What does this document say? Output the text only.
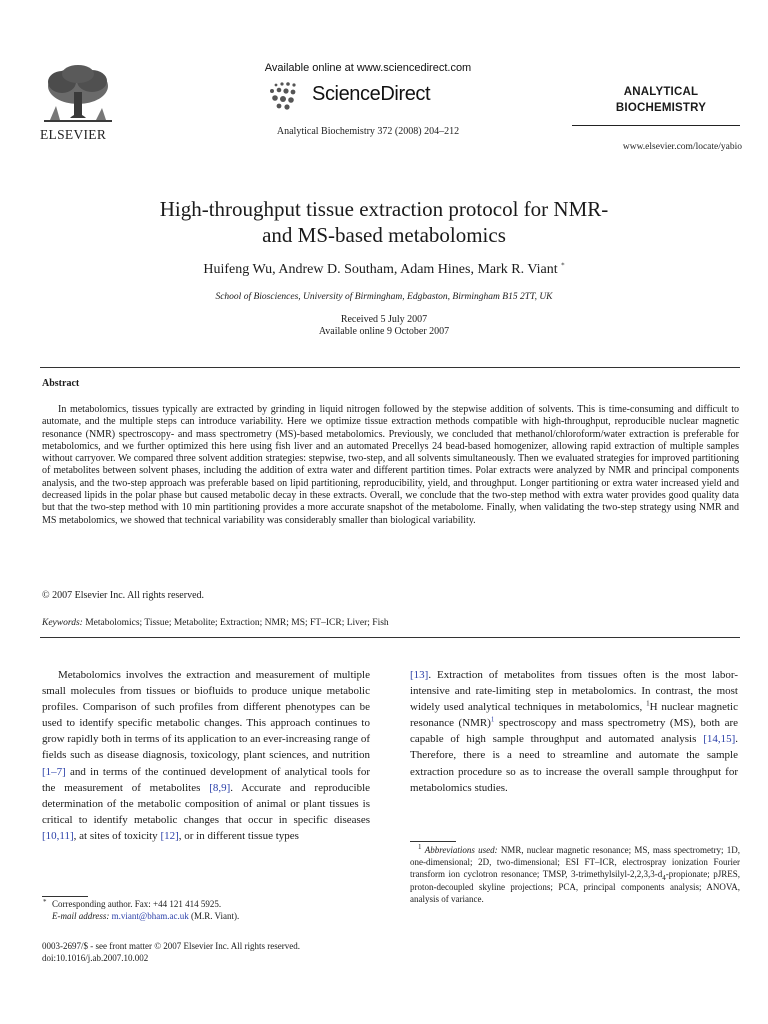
ELSEVIER
Available online at www.sciencedirect.com
ScienceDirect
Analytical Biochemistry 372 (2008) 204–212
ANALYTICAL
BIOCHEMISTRY
www.elsevier.com/locate/yabio
High-throughput tissue extraction protocol for NMR-
and MS-based metabolomics
Huifeng Wu, Andrew D. Southam, Adam Hines, Mark R. Viant *
School of Biosciences, University of Birmingham, Edgbaston, Birmingham B15 2TT, UK
Received 5 July 2007
Available online 9 October 2007
Abstract

In metabolomics, tissues typically are extracted by grinding in liquid nitrogen followed by the stepwise addition of solvents. This is time-consuming and difficult to automate, and the multiple steps can introduce variability. Here we optimize tissue extraction methods compatible with high-throughput, reproducible nuclear magnetic resonance (NMR) spectroscopy- and mass spectrometry (MS)-based metabolomics. Previously, we concluded that methanol/chloroform/water extraction is preferable for metabolomics, and we further optimized this here using fish liver and an automated Precellys 24 bead-based homogenizer, allowing rapid extraction of multiple samples without carryover. We compared three solvent addition strategies: stepwise, two-step, and all solvents simultaneously. Then we evaluated strategies for improved partitioning of metabolites between solvent phases, including the addition of extra water and different partition times. Polar extracts were analyzed by NMR and principal components analysis, and the two-step approach was preferable based on lipid partitioning, reproducibility, yield, and throughput. Longer partitioning or extra water increased yield and decreased lipids in the polar phase but caused metabolic decay in these extracts. Overall, we conclude that the two-step method with extra water provides good quality data but that the two-step method with 10 min partitioning provides a more accurate snapshot of the metabolome. Finally, when validating the two-step strategy using NMR and MS metabolomics, we showed that technical variability was considerably smaller than biological variability.

© 2007 Elsevier Inc. All rights reserved.
Keywords: Metabolomics; Tissue; Metabolite; Extraction; NMR; MS; FT–ICR; Liver; Fish

Metabolomics involves the extraction and measurement of multiple small molecules from tissues or biofluids to produce unique metabolic profiles. Comparison of such profiles from different phenotypes can be used to identify specific metabolic changes. This approach continues to grow rapidly both in terms of its application to an ever-increasing range of fields such as disease diagnosis, toxicology, plant sciences, and nutrition [1–7] and in terms of the continued development of analytical tools for the measurement of metabolites [8,9]. Accurate and reproducible determination of the metabolic composition of animal or plant tissues is critical to identify metabolic changes that occur in specific diseases [10,11], at sites of toxicity [12], or in different tissue types

[13]. Extraction of metabolites from tissues often is the most labor-intensive and rate-limiting step in metabolomics. In contrast, the most widely used analytical techniques in metabolomics, $^1$H nuclear magnetic resonance (NMR)$^1$ spectroscopy and mass spectrometry (MS), both are capable of high sample throughput and automated analysis [14,15]. Therefore, there is a need to streamline and automate the sample extraction procedure so as to increase the overall sample throughput for metabolomics studies.

* Corresponding author. Fax: +44 121 414 5925.

E-mail address: m.viant@bham.ac.uk (M.R. Viant).

$^1$ Abbreviations used: NMR, nuclear magnetic resonance; MS, mass spectrometry; 1D, one-dimensional; 2D, two-dimensional; ESI FT–ICR, electrospray ionization Fourier transform ion cyclotron resonance; TMSP, $3-trimethylsilyl-2,2,3,3-d_4$-propionate; pJRES, proton-decoupled skyline projections; PCA, principal components analysis; ANOVA, analysis of variance.

0003-2697/$ - see front matter © 2007 Elsevier Inc. All rights reserved.
doi:10.1016/j.ab.2007.10.002
